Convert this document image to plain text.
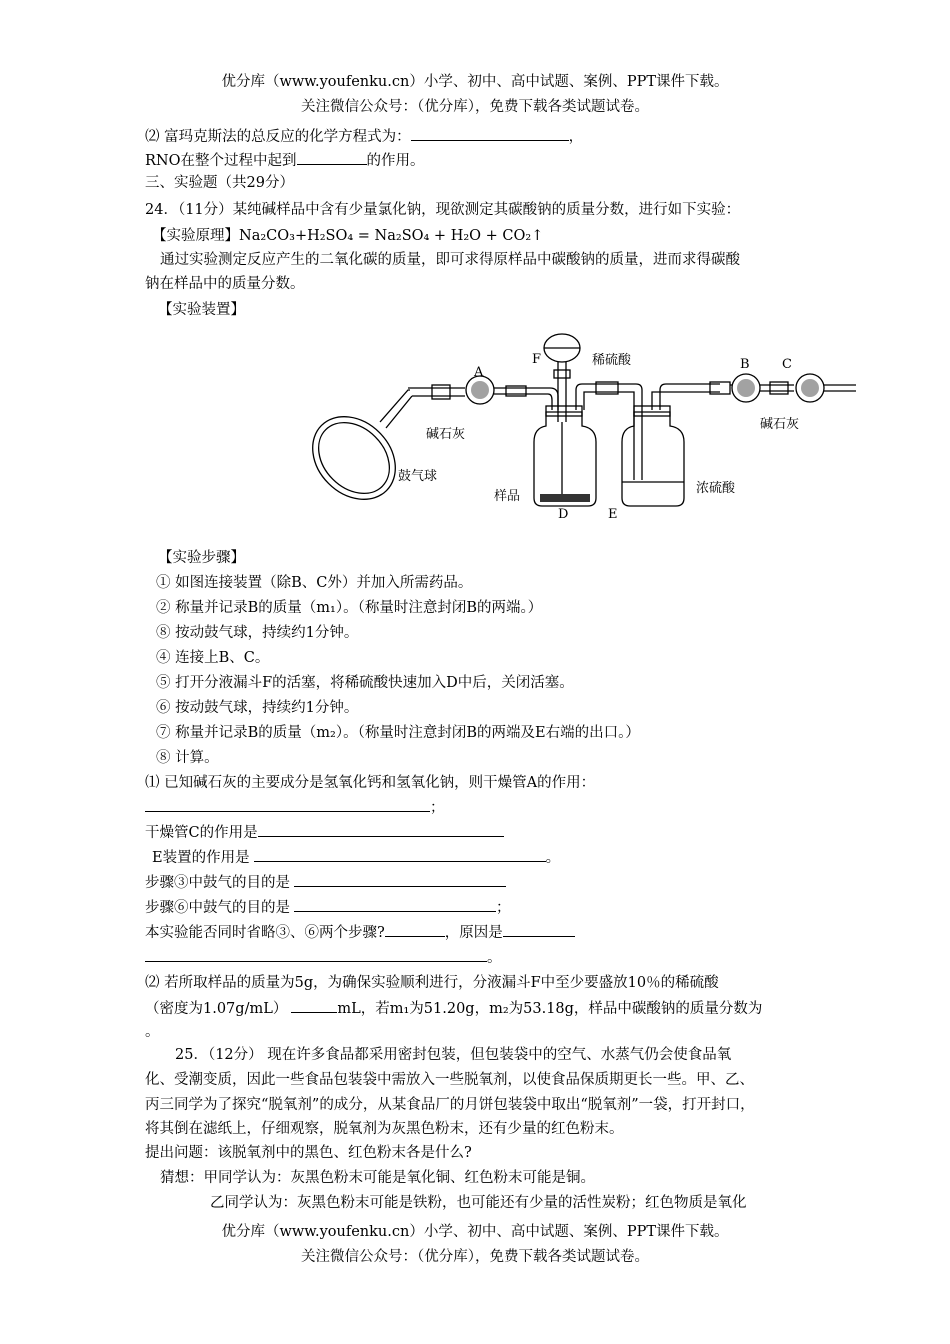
优分库（www.youfenku.cn）小学、初中、高中试题、案例、PPT课件下载。
关注微信公众号：（优分库），免费下载各类试题试卷。
⑵ 富玛克斯法的总反应的化学方程式为：	，
RNO在整个过程中起到	的作用。
三、实验题（共29分）
24．（11分）某纯碱样品中含有少量氯化钠，现欲测定其碳酸钠的质量分数，进行如下实验：
【实验原理】Na₂CO₃+H₂SO₄ = Na₂SO₄ + H₂O + CO₂↑
通过实验测定反应产生的二氧化碳的质量，即可求得原样品中碳酸钠的质量，进而求得碳酸
钠在样品中的质量分数。
【实验装置】
F	稀硫酸
A
B C
碱石灰
碱石灰
鼓气球
样品
D	E
浓硫酸
【实验步骤】
① 如图连接装置（除B、C外）并加入所需药品。
② 称量并记录B的质量（m₁）。（称量时注意封闭B的两端。）
⑧ 按动鼓气球，持续约1分钟。
④ 连接上B、C。
⑤ 打开分液漏斗F的活塞，将稀硫酸快速加入D中后，关闭活塞。
⑥ 按动鼓气球，持续约1分钟。
⑦ 称量并记录B的质量（m₂）。（称量时注意封闭B的两端及E右端的出口。）
⑧ 计算。
⑴ 已知碱石灰的主要成分是氢氧化钙和氢氧化钠，则干燥管A的作用：
；
干燥管C的作用是
E装置的作用是	。
步骤③中鼓气的目的是
步骤⑥中鼓气的目的是	；
本实验能否同时省略③、⑥两个步骤?	，原因是
。
⑵ 若所取样品的质量为5g，为确保实验顺利进行，分液漏斗F中至少要盛放10％的稀硫酸
（密度为1.07g/mL）	mL，若m₁为51.20g，m₂为53.18g，样品中碳酸钠的质量分数为
。
25．（12分） 现在许多食品都采用密封包装，但包装袋中的空气、水蒸气仍会使食品氧
化、受潮变质，因此一些食品包装袋中需放入一些脱氧剂，以使食品保质期更长一些。甲、乙、
丙三同学为了探究“脱氧剂”的成分，从某食品厂的月饼包装袋中取出“脱氧剂”一袋，打开封口，
将其倒在滤纸上，仔细观察，脱氧剂为灰黑色粉末，还有少量的红色粉末。
提出问题：该脱氧剂中的黑色、红色粉末各是什么?
猜想：甲同学认为：灰黑色粉末可能是氧化铜、红色粉末可能是铜。
乙同学认为：灰黑色粉末可能是铁粉，也可能还有少量的活性炭粉；红色物质是氧化
优分库（www.youfenku.cn）小学、初中、高中试题、案例、PPT课件下载。
关注微信公众号：（优分库），免费下载各类试题试卷。
